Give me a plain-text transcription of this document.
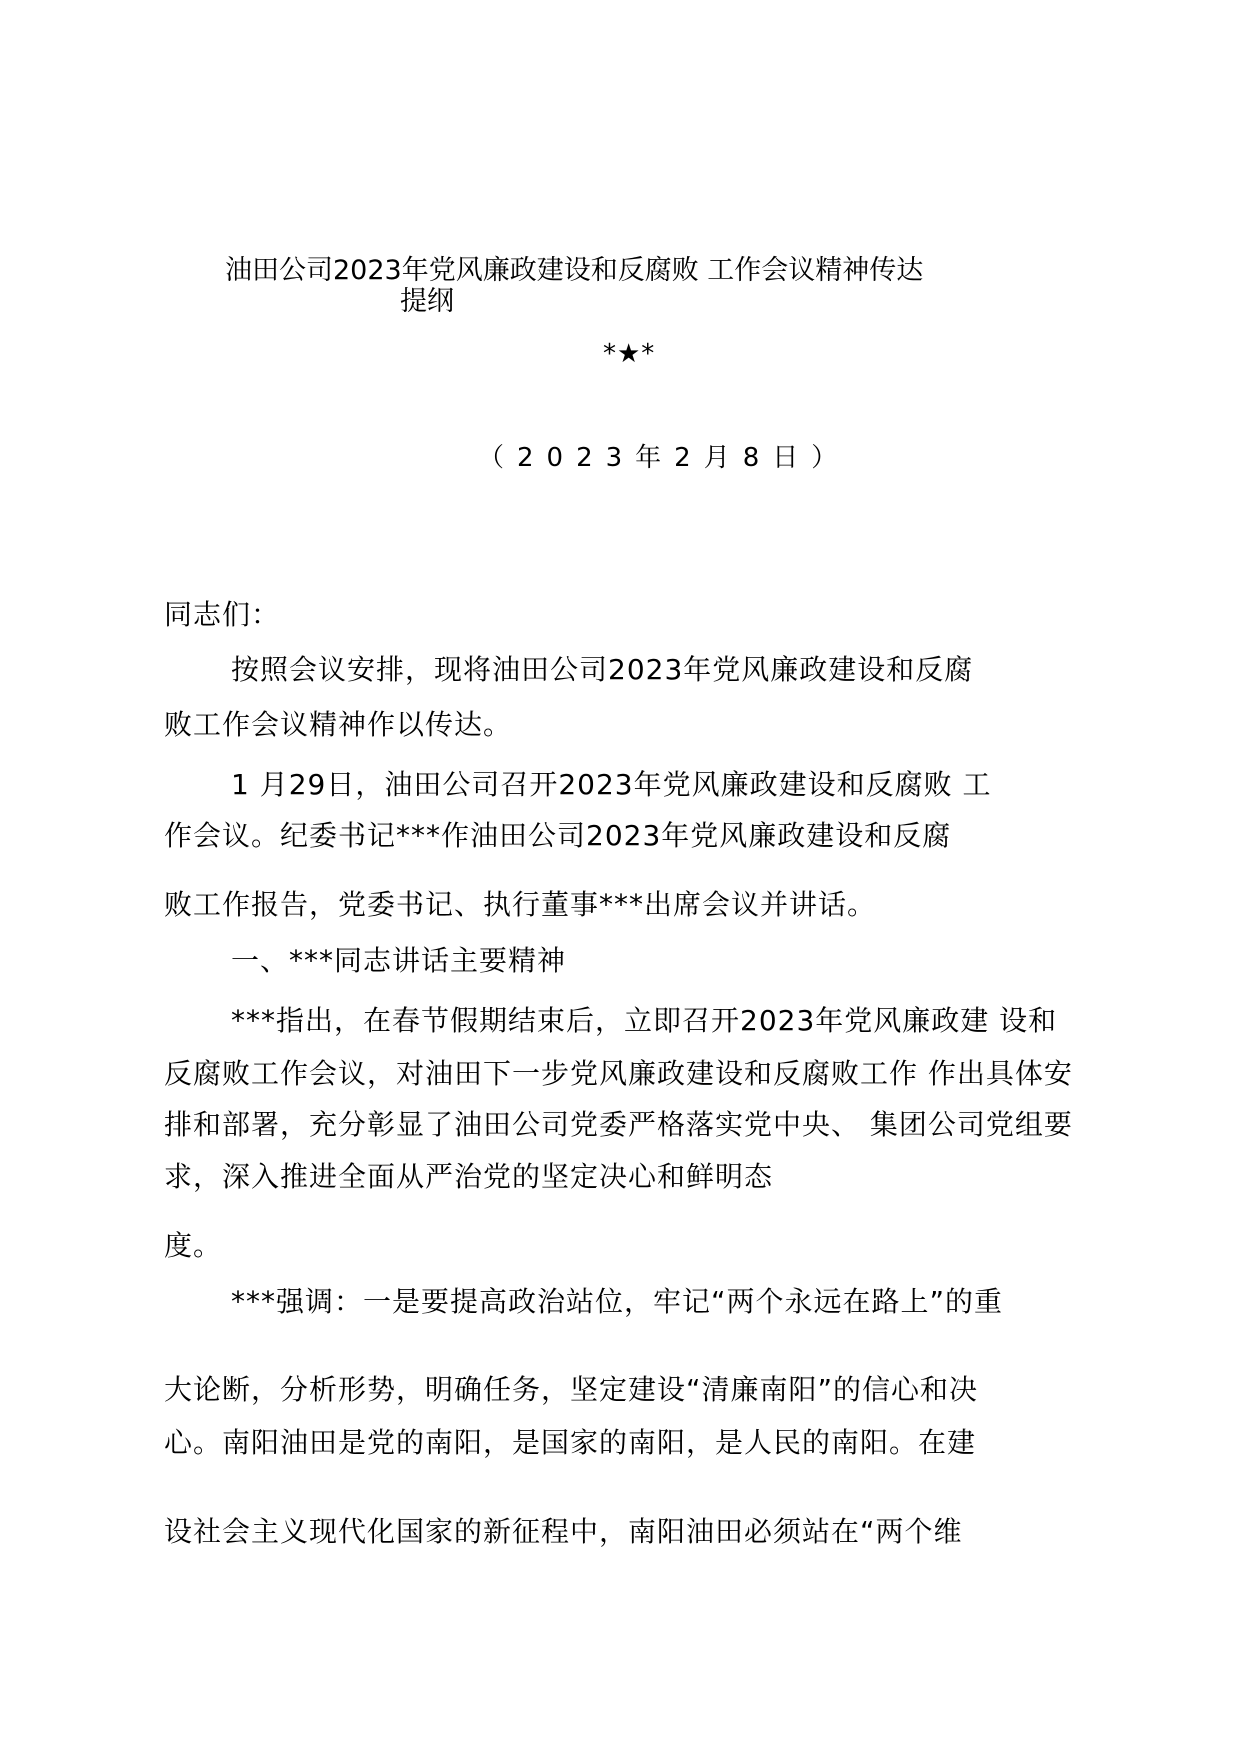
油田公司2023年党风廉政建设和反腐败 工作会议精神传达
提纲
*★*
（2023年2月8日）
同志们：
按照会议安排，现将油田公司2023年党风廉政建设和反腐
败工作会议精神作以传达。
1 月29日，油田公司召开2023年党风廉政建设和反腐败 工
作会议。纪委书记***作油田公司2023年党风廉政建设和反腐
败工作报告，党委书记、执行董事***出席会议并讲话。
一、***同志讲话主要精神
***指出，在春节假期结束后，立即召开2023年党风廉政建 设和
反腐败工作会议，对油田下一步党风廉政建设和反腐败工作 作出具体安
排和部署，充分彰显了油田公司党委严格落实党中央、 集团公司党组要
求，深入推进全面从严治党的坚定决心和鲜明态
度。
***强调：一是要提高政治站位，牢记“两个永远在路上”的重
大论断，分析形势，明确任务，坚定建设“清廉南阳”的信心和决
心。南阳油田是党的南阳，是国家的南阳，是人民的南阳。在建
设社会主义现代化国家的新征程中，南阳油田必须站在“两个维
